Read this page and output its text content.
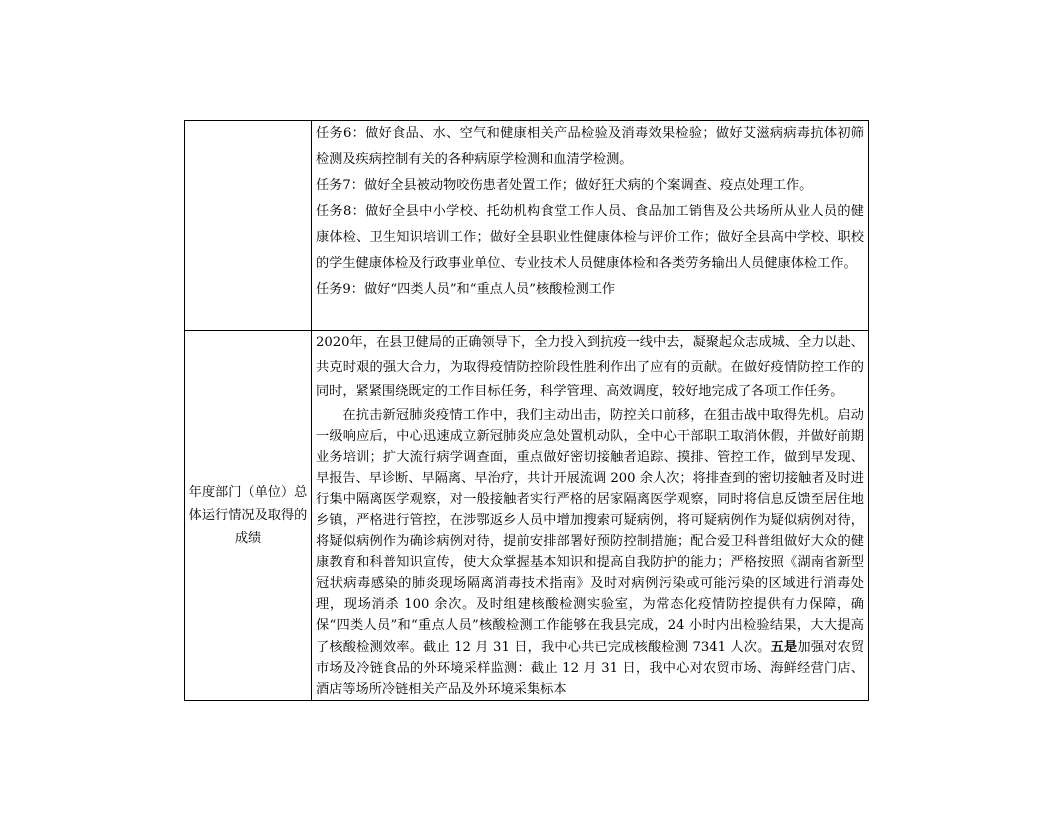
	任务6：做好食品、水、空气和健康相关产品检验及消毒效果检验；做好艾滋病病毒抗体初筛检测及疾病控制有关的各种病原学检测和血清学检测。

任务7：做好全县被动物咬伤患者处置工作；做好狂犬病的个案调查、疫点处理工作。

任务8：做好全县中小学校、托幼机构食堂工作人员、食品加工销售及公共场所从业人员的健康体检、卫生知识培训工作；做好全县职业性健康体检与评价工作；做好全县高中学校、职校的学生健康体检及行政事业单位、专业技术人员健康体检和各类劳务输出人员健康体检工作。

任务9：做好“四类人员”和“重点人员”核酸检测工作

年度部门（单位）总体运行情况及取得的成绩	2020年，在县卫健局的正确领导下，全力投入到抗疫一线中去，凝聚起众志成城、全力以赴、共克时艰的强大合力，为取得疫情防控阶段性胜利作出了应有的贡献。在做好疫情防控工作的同时，紧紧围绕既定的工作目标任务，科学管理、高效调度，较好地完成了各项工作任务。

在抗击新冠肺炎疫情工作中，我们主动出击，防控关口前移，在狙击战中取得先机。启动一级响应后，中心迅速成立新冠肺炎应急处置机动队，全中心干部职工取消休假，并做好前期业务培训；扩大流行病学调查面，重点做好密切接触者追踪、摸排、管控工作，做到早发现、早报告、早诊断、早隔离、早治疗，共计开展流调 200 余人次；将排查到的密切接触者及时进行集中隔离医学观察，对一般接触者实行严格的居家隔离医学观察，同时将信息反馈至居住地乡镇，严格进行管控，在涉鄂返乡人员中增加搜索可疑病例，将可疑病例作为疑似病例对待，将疑似病例作为确诊病例对待，提前安排部署好预防控制措施；配合爱卫科普组做好大众的健康教育和科普知识宣传，使大众掌握基本知识和提高自我防护的能力；严格按照《湖南省新型冠状病毒感染的肺炎现场隔离消毒技术指南》及时对病例污染或可能污染的区域进行消毒处理，现场消杀 100 余次。及时组建核酸检测实验室，为常态化疫情防控提供有力保障，确保“四类人员”和“重点人员”核酸检测工作能够在我县完成，24 小时内出检验结果，大大提高了核酸检测效率。截止 12 月 31 日，我中心共已完成核酸检测 7341 人次。五是加强对农贸市场及冷链食品的外环境采样监测：截止 12 月 31 日，我中心对农贸市场、海鲜经营门店、酒店等场所冷链相关产品及外环境采集标本
